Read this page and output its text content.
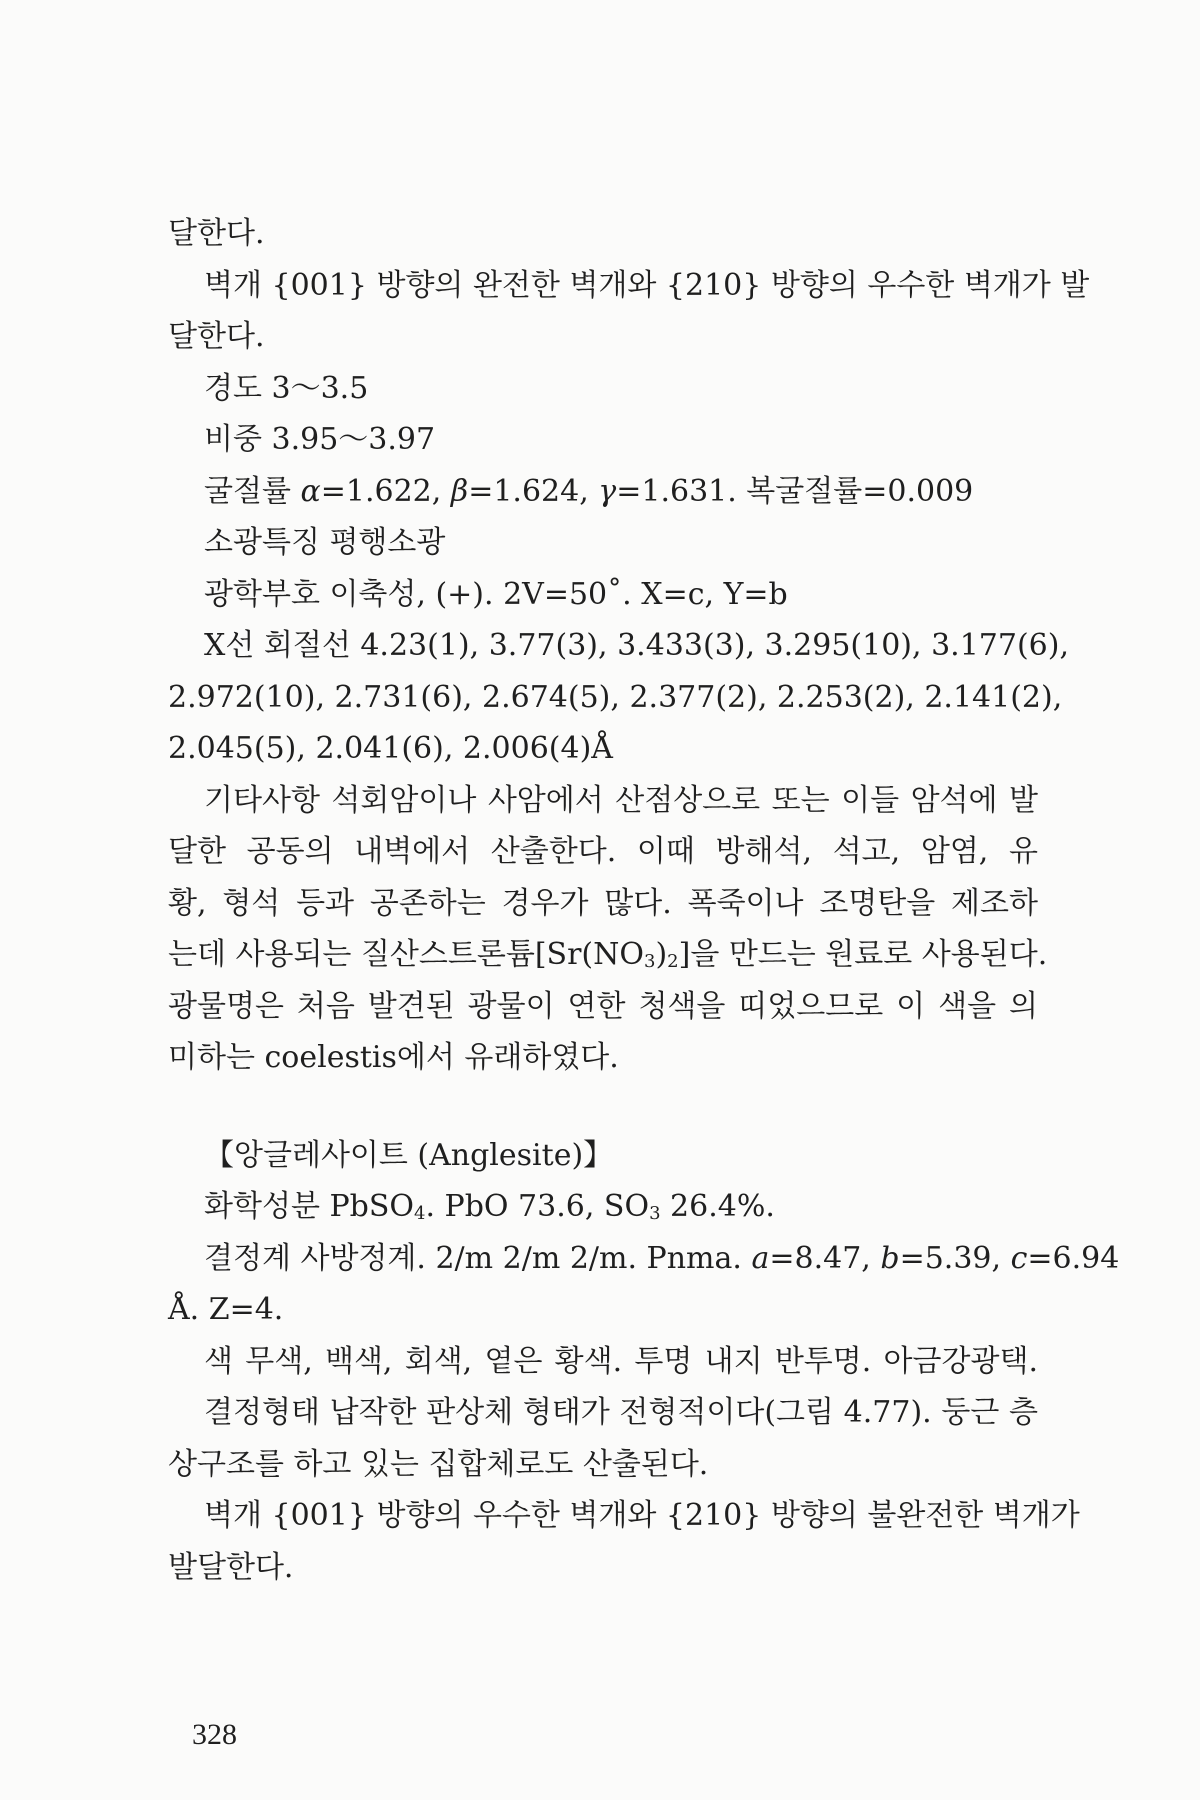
달한다.

벽개 {001} 방향의 완전한 벽개와 {210} 방향의 우수한 벽개가 발

달한다.

경도 3～3.5

비중 3.95～3.97

굴절률 α=1.622, β=1.624, γ=1.631. 복굴절률=0.009

소광특징 평행소광

광학부호 이축성, (+). 2V=50˚. X=c, Y=b

X선 회절선 4.23(1), 3.77(3), 3.433(3), 3.295(10), 3.177(6),

2.972(10), 2.731(6), 2.674(5), 2.377(2), 2.253(2), 2.141(2),

2.045(5), 2.041(6), 2.006(4)Å

기타사항 석회암이나 사암에서 산점상으로 또는 이들 암석에 발

달한 공동의 내벽에서 산출한다. 이때 방해석, 석고, 암염, 유

황, 형석 등과 공존하는 경우가 많다. 폭죽이나 조명탄을 제조하

는데 사용되는 질산스트론튬$[Sr(NO_3)_2]$을 만드는 원료로 사용된다.

광물명은 처음 발견된 광물이 연한 청색을 띠었으므로 이 색을 의

미하는 coelestis에서 유래하였다.

【앙글레사이트 (Anglesite)】

화학성분 PbSO$_4$. PbO 73.6, $SO_3$ 26.4%.

결정계 사방정계. 2/m 2/m 2/m. Pnma. a=8.47, b=5.39, c=6.94

Å. Z=4.

색 무색, 백색, 회색, 옅은 황색. 투명 내지 반투명. 아금강광택.

결정형태 납작한 판상체 형태가 전형적이다(그림 4.77). 둥근 층

상구조를 하고 있는 집합체로도 산출된다.

벽개 {001} 방향의 우수한 벽개와 {210} 방향의 불완전한 벽개가

발달한다.

328
